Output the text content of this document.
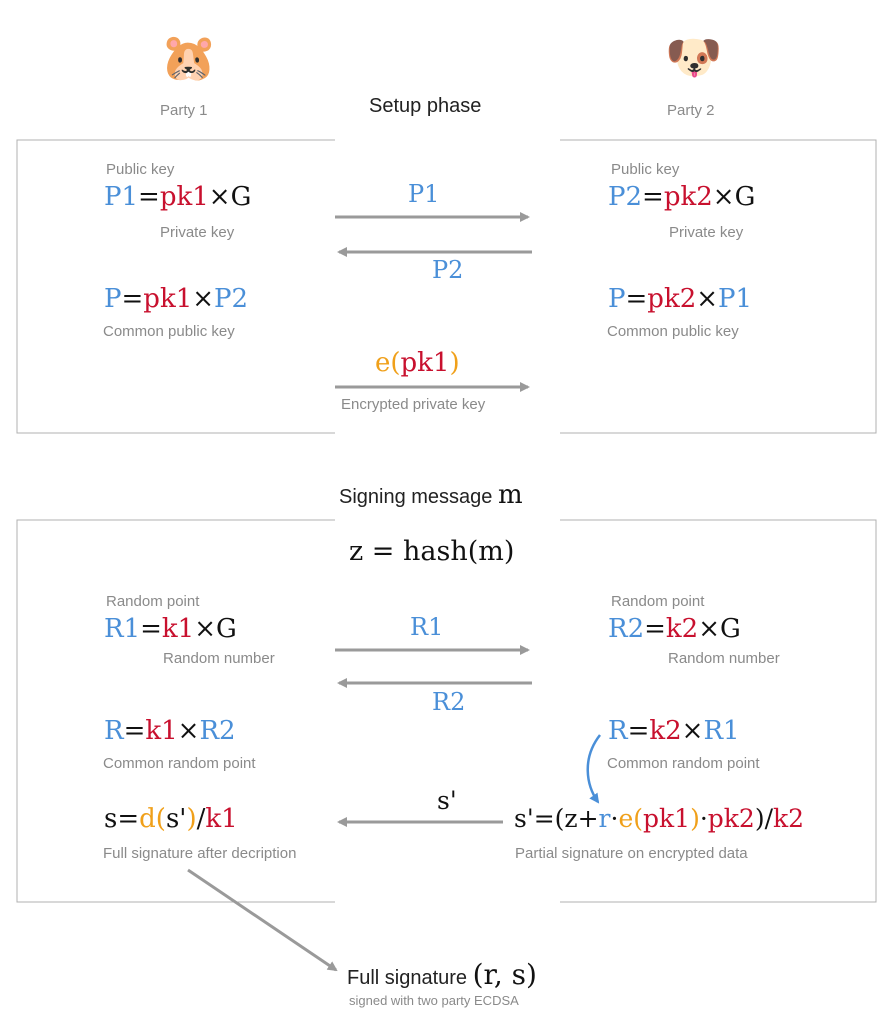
🐹
Party 1
🐶
Party 2
Setup phase
Public key
P1=pk1×G
Private key
P=pk1×P2
Common public key
P1
P2
e(pk1)
Encrypted private key
Public key
P2=pk2×G
Private key
P=pk2×P1
Common public key
Signing message m
z = hash(m)
Random point
R1=k1×G
Random number
R=k1×R2
Common random point
s=d(s')/k1
Full signature after decription
R1
R2
s'
Random point
R2=k2×G
Random number
R=k2×R1
Common random point
s'=(z+r·e(pk1)·pk2)/k2
Partial signature on encrypted data
Full signature (r, s)
signed with two party ECDSA
